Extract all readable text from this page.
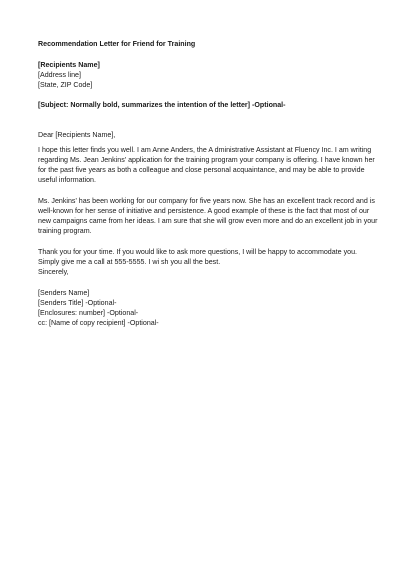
Recommendation Letter for Friend for Training
[Recipients Name]
[Address line]
[State, ZIP Code]
[Subject: Normally bold, summarizes the intention of the letter] -Optional-
Dear [Recipients Name],
I hope this letter finds you well. I am Anne Anders, the A dministrative Assistant at Fluency Inc. I am writing
regarding Ms. Jean Jenkins' application for the training program your company is offering. I have known her
for the past five years as both a colleague and close personal acquaintance, and may be able to provide
useful information.
Ms. Jenkins' has been working for our company for five years now. She has an excellent track record and is
well-known for her sense of initiative and persistence. A good example of these is the fact that most of our
new campaigns came from her ideas. I am sure that she will grow even more and do an excellent job in your
training program.
Thank you for your time. If you would like to ask more questions, I will be happy to accommodate you.
Simply give me a call at 555-5555. I wi sh you all the best.
Sincerely,
[Senders Name]
[Senders Title] -Optional-
[Enclosures: number] -Optional-
cc: [Name of copy recipient] -Optional-
